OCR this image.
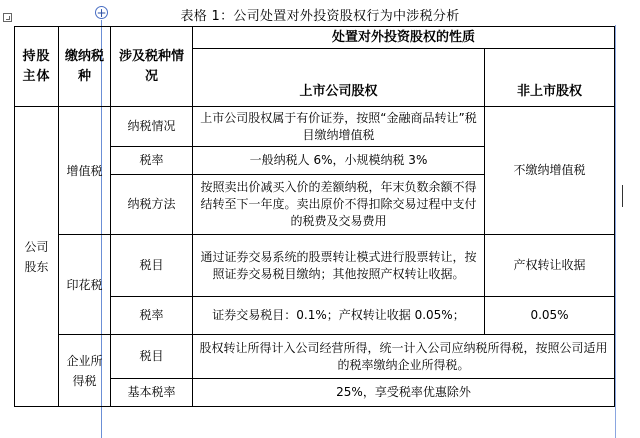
表格 1：公司处置对外投资股权行为中涉税分析
+
持股主体	缴纳税种	涉及税种情况	处置对外投资股权的性质	
			上市公司股权	非上市股权
公司股东	增值税	纳税情况	上市公司股权属于有价证券，按照“金融商品转让”税目缴纳增值税	不缴纳增值税
		税率	一般纳税人 6%，小规模纳税 3%	
		纳税方法	按照卖出价减买入价的差额纳税，年末负数余额不得结转至下一年度。卖出原价不得扣除交易过程中支付的税费及交易费用	
	印花税	税目	通过证券交易系统的股票转让模式进行股票转让，按照证券交易税目缴纳；其他按照产权转让收据。	产权转让收据
		税率	证券交易税目：0.1%；产权转让收据 0.05%；	0.05%
	企业所得税	税目	股权转让所得计入公司经营所得，统一计入公司应纳税所得税，按照公司适用的税率缴纳企业所得税。	
		基本税率	25%，享受税率优惠除外	
